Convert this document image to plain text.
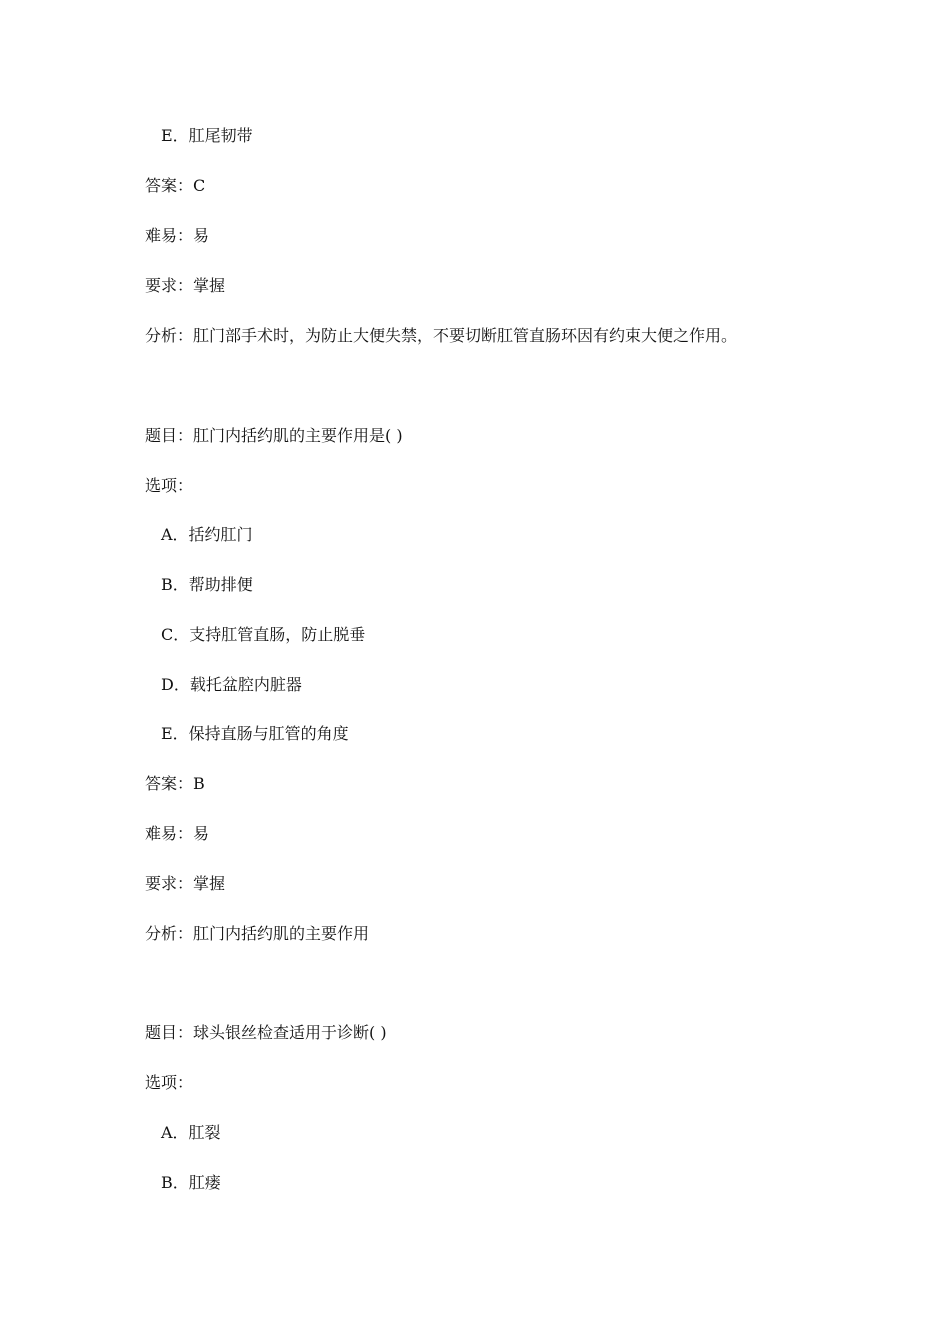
E．肛尾韧带
答案：C
难易：易
要求：掌握
分析：肛门部手术时，为防止大便失禁，不要切断肛管直肠环因有约束大便之作用。
题目：肛门内括约肌的主要作用是( )
选项：
A．括约肛门
B．帮助排便
C．支持肛管直肠，防止脱垂
D．载托盆腔内脏器
E．保持直肠与肛管的角度
答案：B
难易：易
要求：掌握
分析：肛门内括约肌的主要作用
题目：球头银丝检查适用于诊断( )
选项：
A．肛裂
B．肛瘘
